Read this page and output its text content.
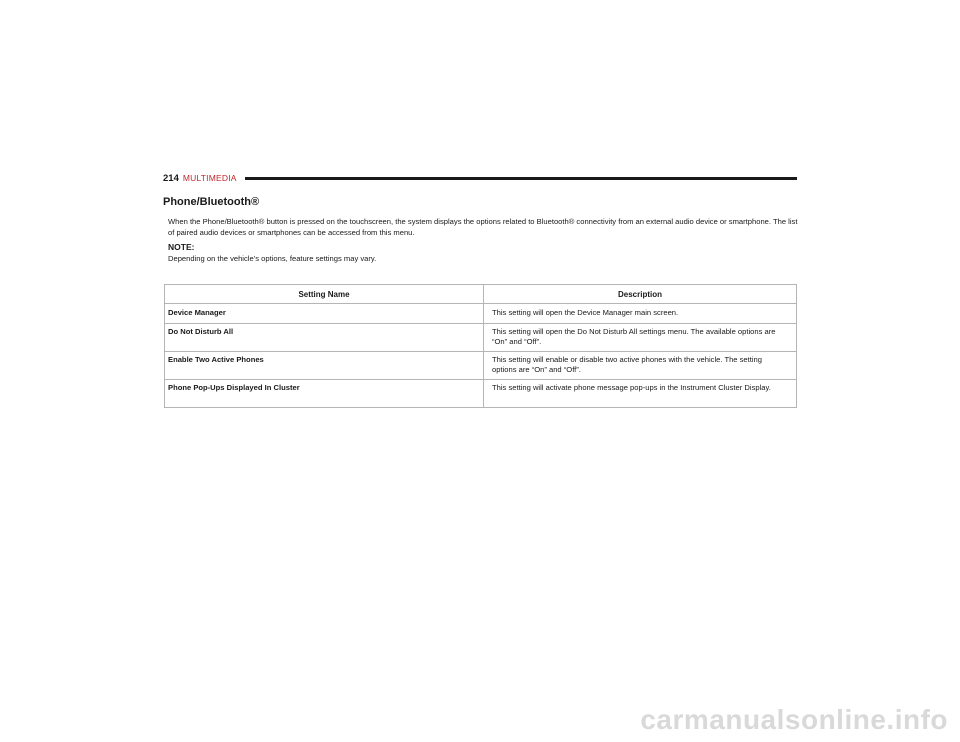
214 MULTIMEDIA
Phone/Bluetooth®

When the Phone/Bluetooth® button is pressed on the touchscreen, the system displays the options related to Bluetooth® connectivity from an external audio device or smartphone. The list of paired audio devices or smartphones can be accessed from this menu.

NOTE:

Depending on the vehicle’s options, feature settings may vary.

Setting Name	Description
Device Manager	This setting will open the Device Manager main screen.
Do Not Disturb All	This setting will open the Do Not Disturb All settings menu. The available options are “On” and “Off”.
Enable Two Active Phones	This setting will enable or disable two active phones with the vehicle. The setting options are “On” and “Off”.
Phone Pop-Ups Displayed In Cluster	This setting will activate phone message pop-ups in the Instrument Cluster Display.
carmanualsonline.info
